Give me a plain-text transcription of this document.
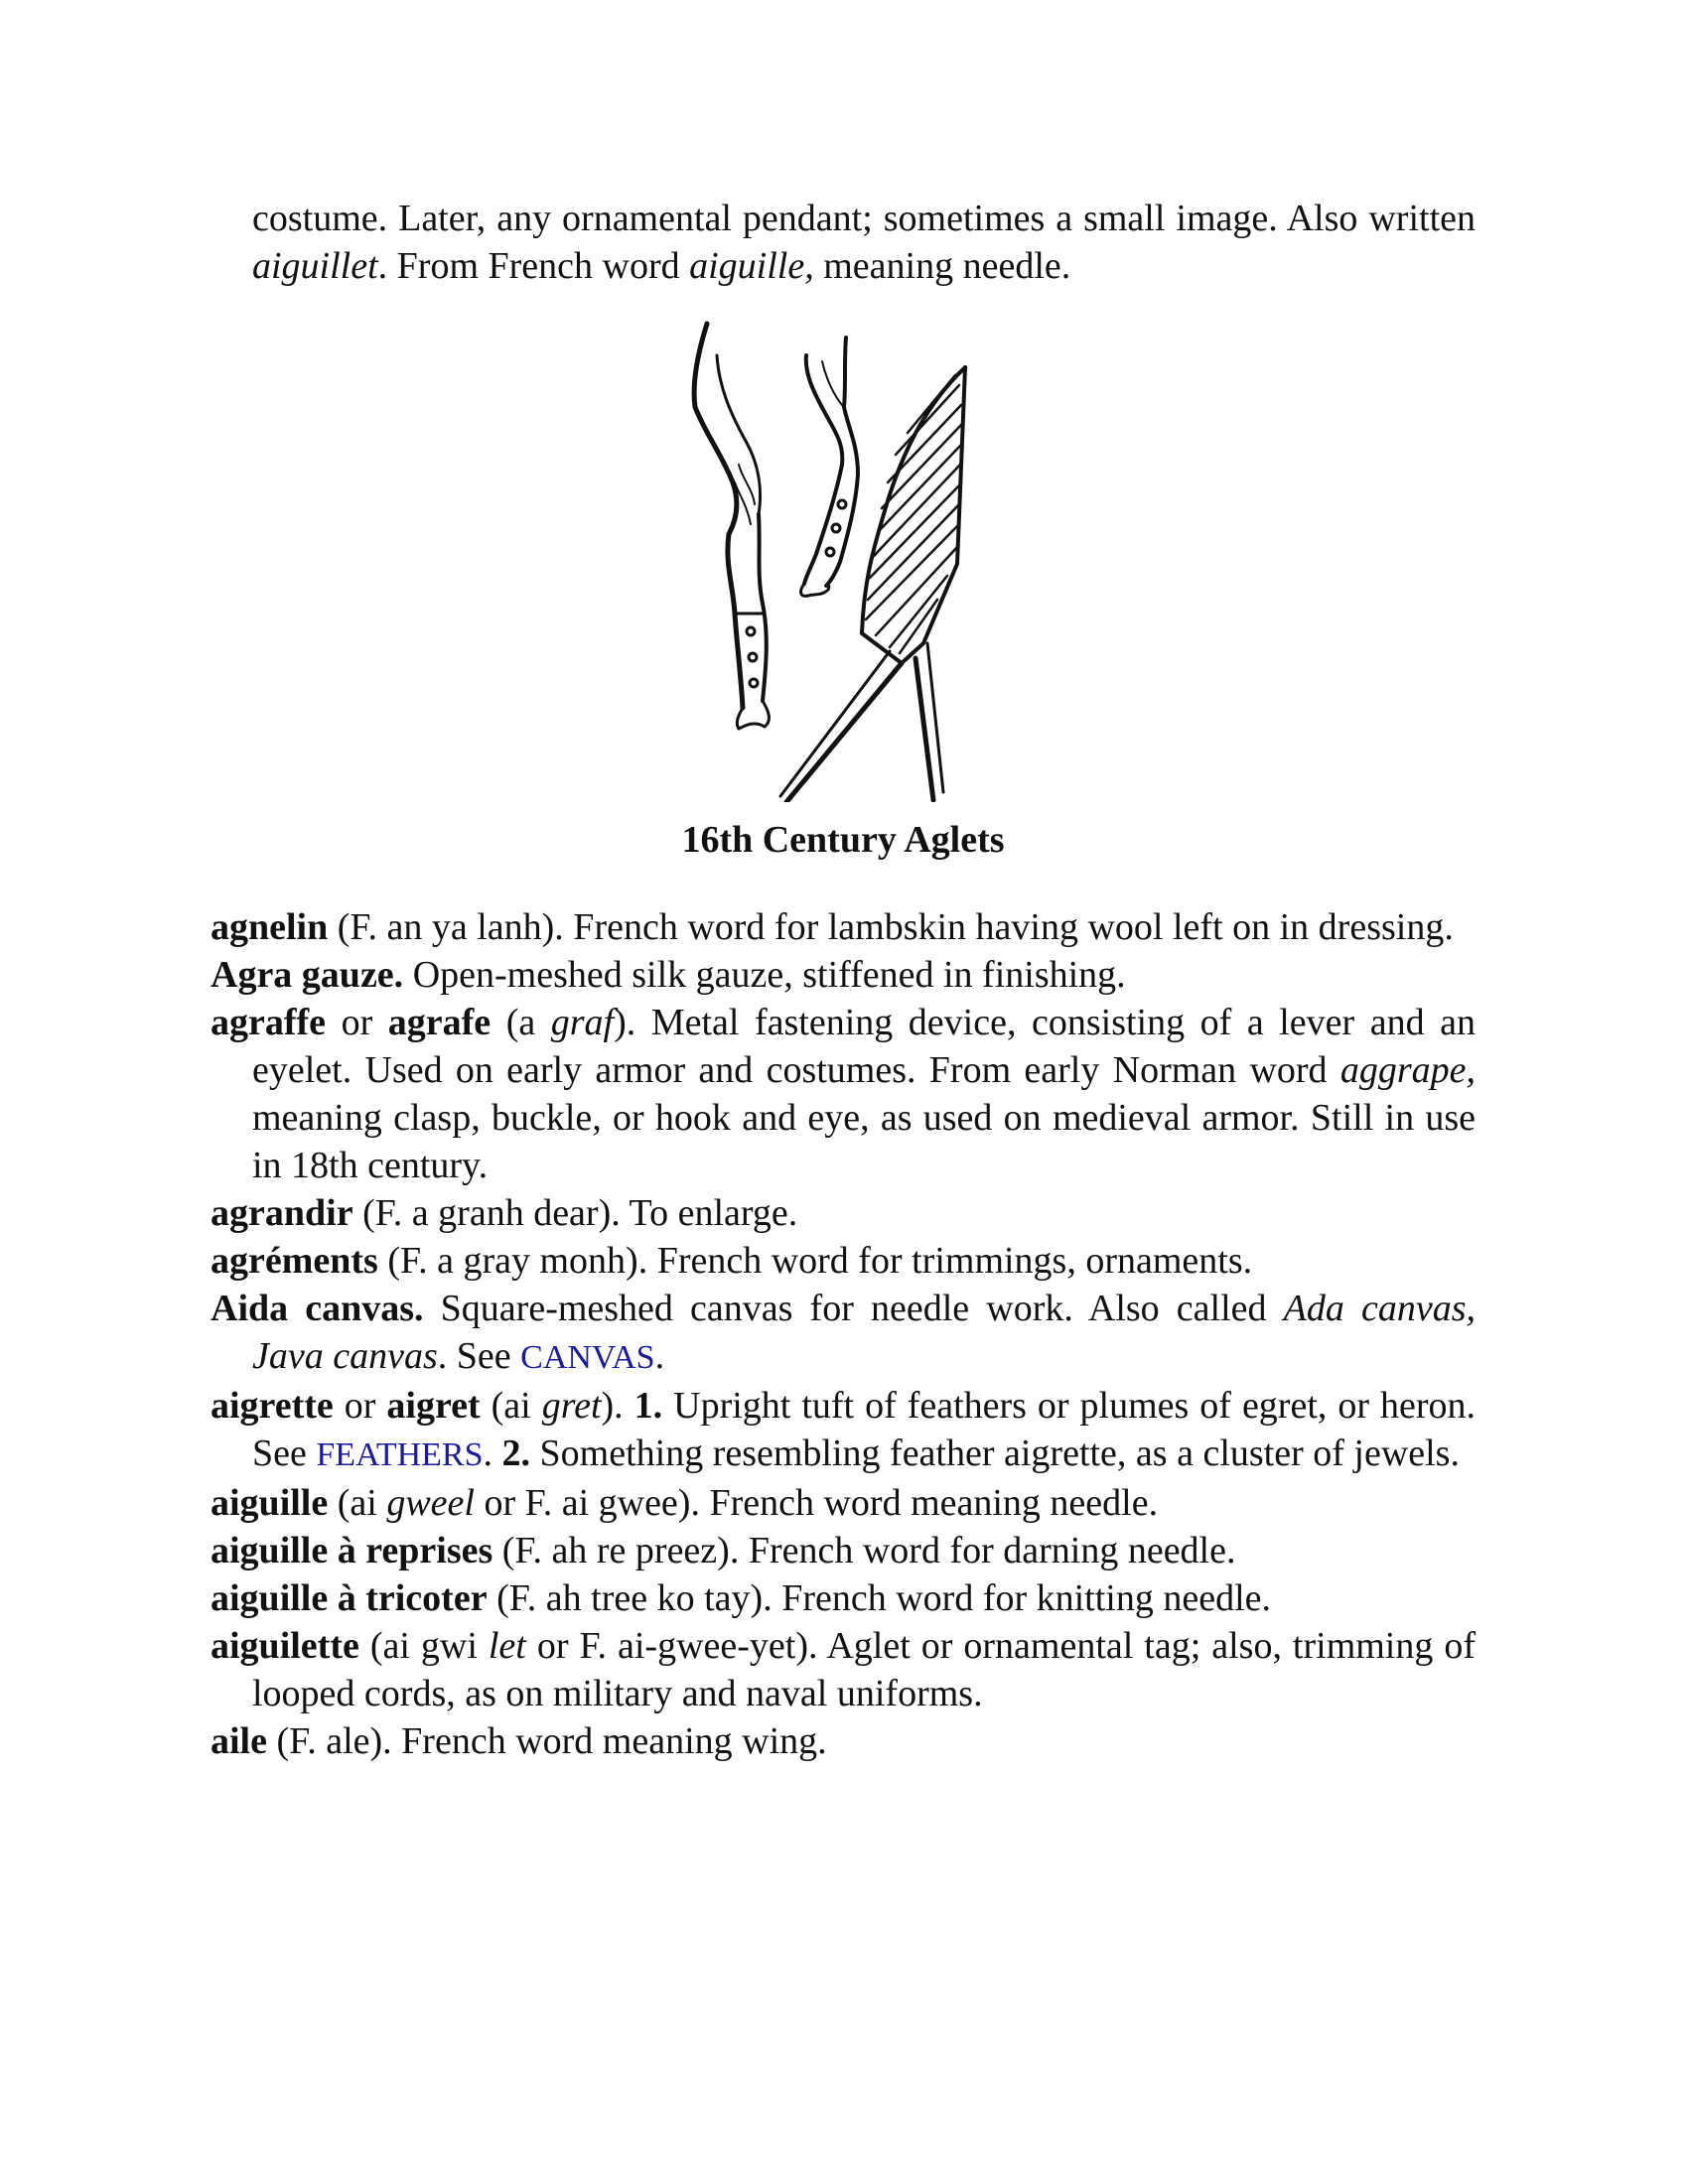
costume. Later, any ornamental pendant; sometimes a small image. Also written aiguillet. From French word aiguille, meaning needle.

16th Century Aglets

agnelin (F. an ya lanh). French word for lambskin having wool left on in dressing.

Agra gauze. Open-meshed silk gauze, stiffened in finishing.

agraffe or agrafe (a graf). Metal fastening device, consisting of a lever and an eyelet. Used on early armor and costumes. From early Norman word aggrape, meaning clasp, buckle, or hook and eye, as used on medieval armor. Still in use in 18th century.

agrandir (F. a granh dear). To enlarge.

agréments (F. a gray monh). French word for trimmings, ornaments.

Aida canvas. Square-meshed canvas for needle work. Also called Ada canvas, Java canvas. See CANVAS.

aigrette or aigret (ai gret). 1. Upright tuft of feathers or plumes of egret, or heron. See FEATHERS. 2. Something resembling feather aigrette, as a cluster of jewels.

aiguille (ai gweel or F. ai gwee). French word meaning needle.

aiguille à reprises (F. ah re preez). French word for darning needle.

aiguille à tricoter (F. ah tree ko tay). French word for knitting needle.

aiguilette (ai gwi let or F. ai-gwee-yet). Aglet or ornamental tag; also, trimming of looped cords, as on military and naval uniforms.

aile (F. ale). French word meaning wing.
